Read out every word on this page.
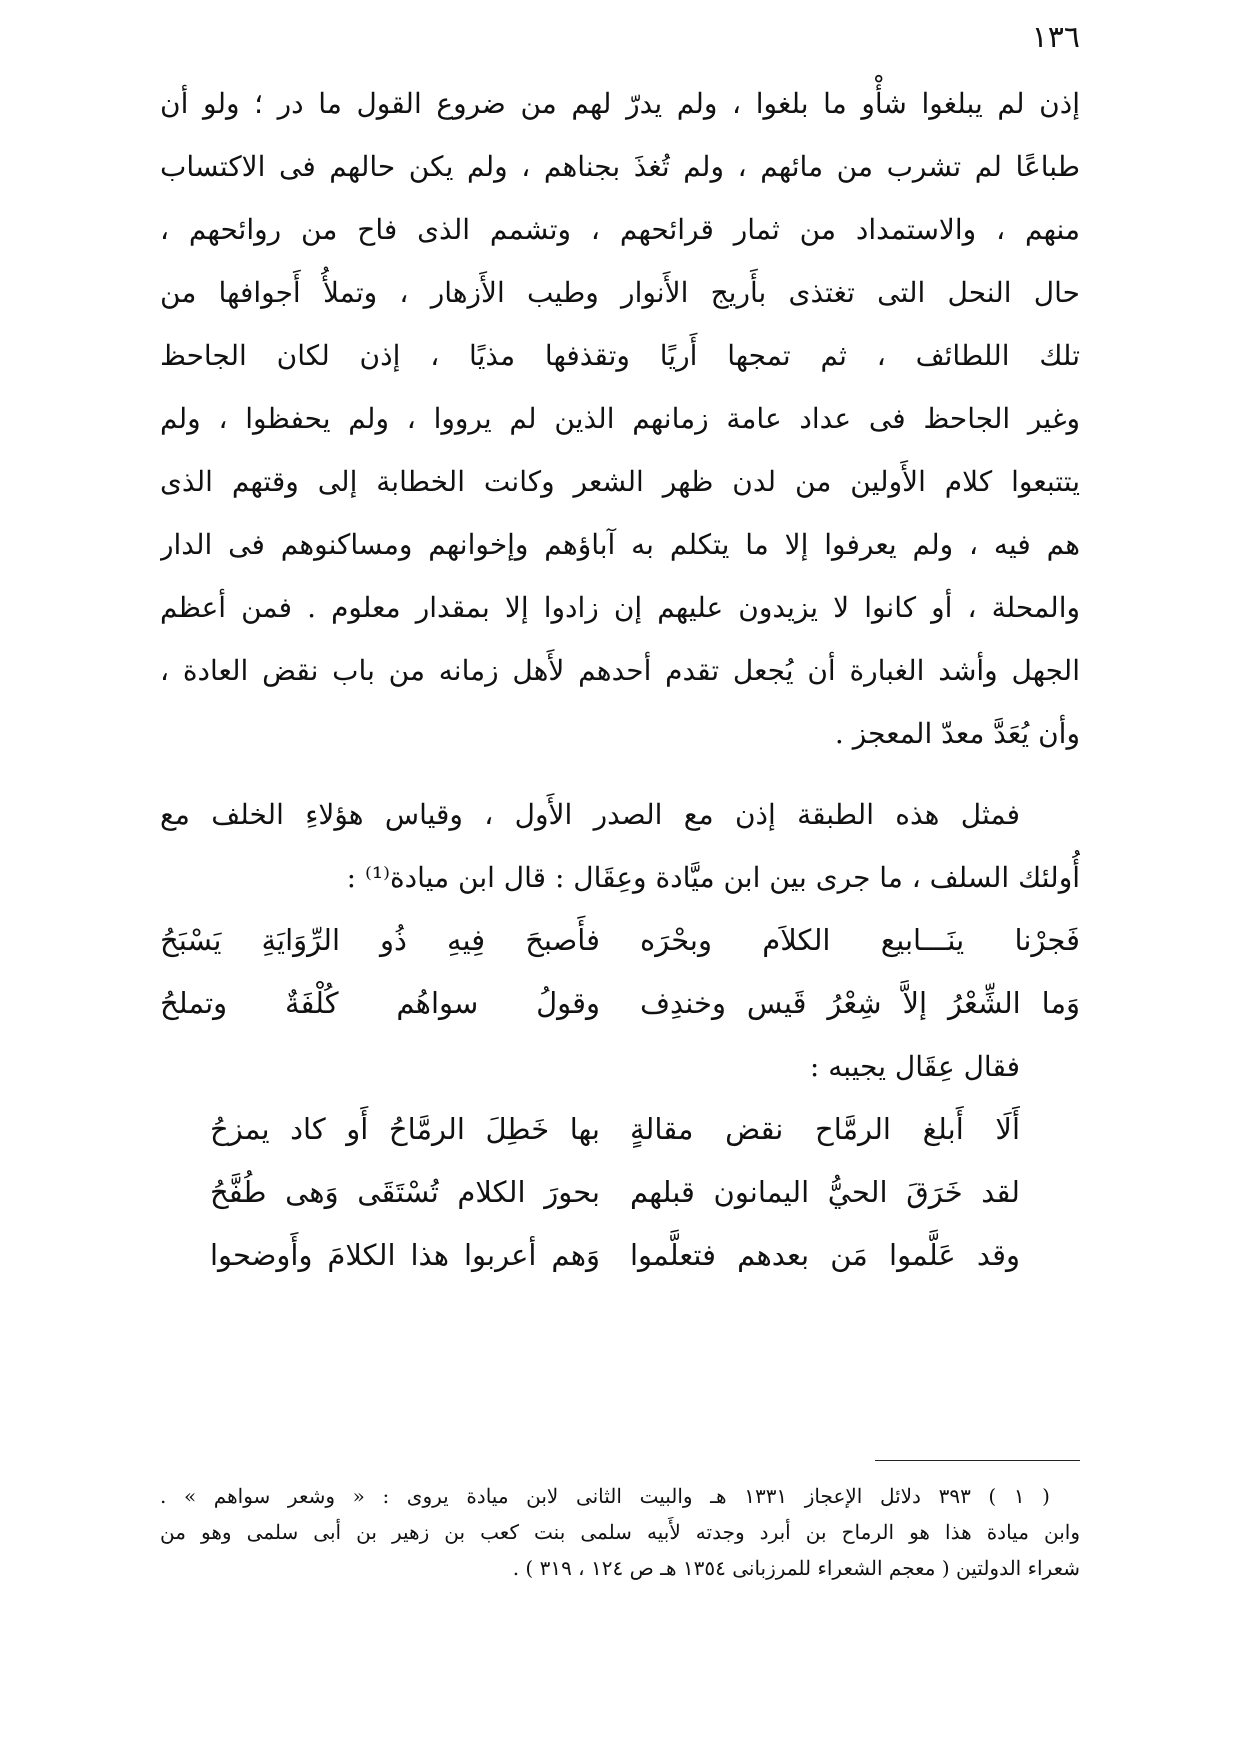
١٣٦
إذن لم يبلغوا شأْو ما بلغوا ، ولم يدرّ لهم من ضروع القول ما در ؛ ولو أن
طباعًا لم تشرب من مائهم ، ولم تُغذَ بجناهم ، ولم يكن حالهم فى الاكتساب
منهم ، والاستمداد من ثمار قرائحهم ، وتشمم الذى فاح من روائحهم ،
حال النحل التى تغتذى بأَريج الأَنوار وطيب الأَزهار ، وتملأُ أَجوافها من
تلك اللطائف ، ثم تمجها أَريًا وتقذفها مذيًا ، إذن لكان الجاحظ
وغير الجاحظ فى عداد عامة زمانهم الذين لم يرووا ، ولم يحفظوا ، ولم
يتتبعوا كلام الأَولين من لدن ظهر الشعر وكانت الخطابة إلى وقتهم الذى
هم فيه ، ولم يعرفوا إلا ما يتكلم به آباؤهم وإخوانهم ومساكنوهم فى الدار
والمحلة ، أو كانوا لا يزيدون عليهم إن زادوا إلا بمقدار معلوم . فمن أعظم
الجهل وأشد الغبارة أن يُجعل تقدم أحدهم لأَهل زمانه من باب نقض العادة ،
وأن يُعَدَّ معدّ المعجز .
فمثل هذه الطبقة إذن مع الصدر الأَول ، وقياس هؤلاءِ الخلف مع
أُولئك السلف ، ما جرى بين ابن ميَّادة وعِقَال : قال ابن ميادة⁽¹⁾ :
فَجرْنا ينَـــابيع الكلاَم وبحْرَه
فأَصبحَ فِيهِ ذُو الرِّوَايَةِ يَسْبَحُ
وَما الشِّعْرُ إلاَّ شِعْرُ قَيس وخندِف
وقولُ سواهُم كُلْفَةٌ وتملحُ
فقال عِقَال يجيبه :
أَلَا أَبلغ الرمَّاح نقض مقالةٍ
بها خَطِلَ الرمَّاحُ أَو كاد يمزحُ
لقد خَرَقَ الحيُّ اليمانون قبلهم
بحورَ الكلام تُسْتَقَى وَهى طُفَّحُ
وقد عَلَّموا مَن بعدهم فتعلَّموا
وَهم أعربوا هذا الكلامَ وأَوضحوا
( ١ ) ٣٩٣ دلائل الإعجاز ١٣٣١ هـ والبيت الثانى لابن ميادة يروى : « وشعر سواهم » .
وابن ميادة هذا هو الرماح بن أبرد وجدته لأَبيه سلمى بنت كعب بن زهير بن أبى سلمى وهو من
شعراء الدولتين ( معجم الشعراء للمرزبانى ١٣٥٤ هـ ص ١٢٤ ، ٣١٩ ) .
